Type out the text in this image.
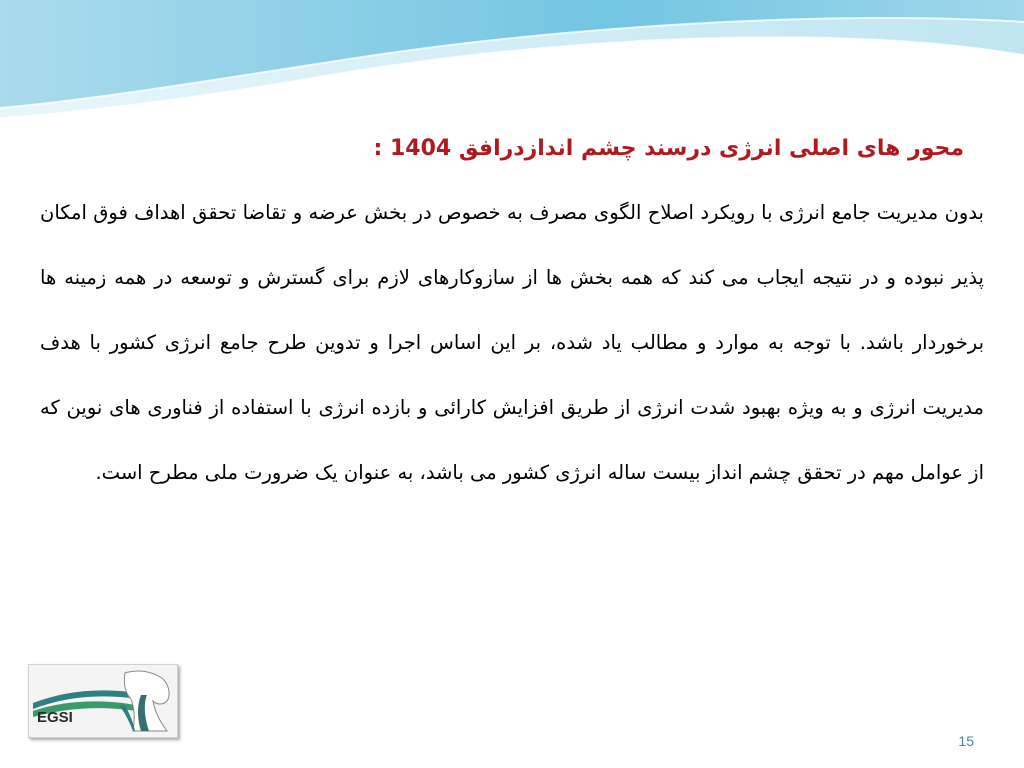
محور های اصلی انرژی درسند چشم اندازدرافق 1404 :

بدون مدیریت جامع انرژی با رویکرد اصلاح الگوی مصرف به خصوص در بخش عرضه و تقاضا تحقق اهداف فوق امکان پذیر نبوده و در نتیجه ایجاب می کند که همه بخش ها از سازوکارهای لازم برای گسترش و توسعه در همه زمینه ها برخوردار باشد. با توجه به موارد و مطالب یاد شده، بر این اساس اجرا و تدوین طرح جامع انرژی کشور با هدف مدیریت انرژی و به ویژه بهبود شدت انرژی از طریق افزایش کارائی و بازده انرژی با استفاده از فناوری های نوین که از عوامل مهم در تحقق چشم انداز بیست ساله انرژی کشور می باشد، به عنوان یک ضرورت ملی مطرح است.

EGSI
15
